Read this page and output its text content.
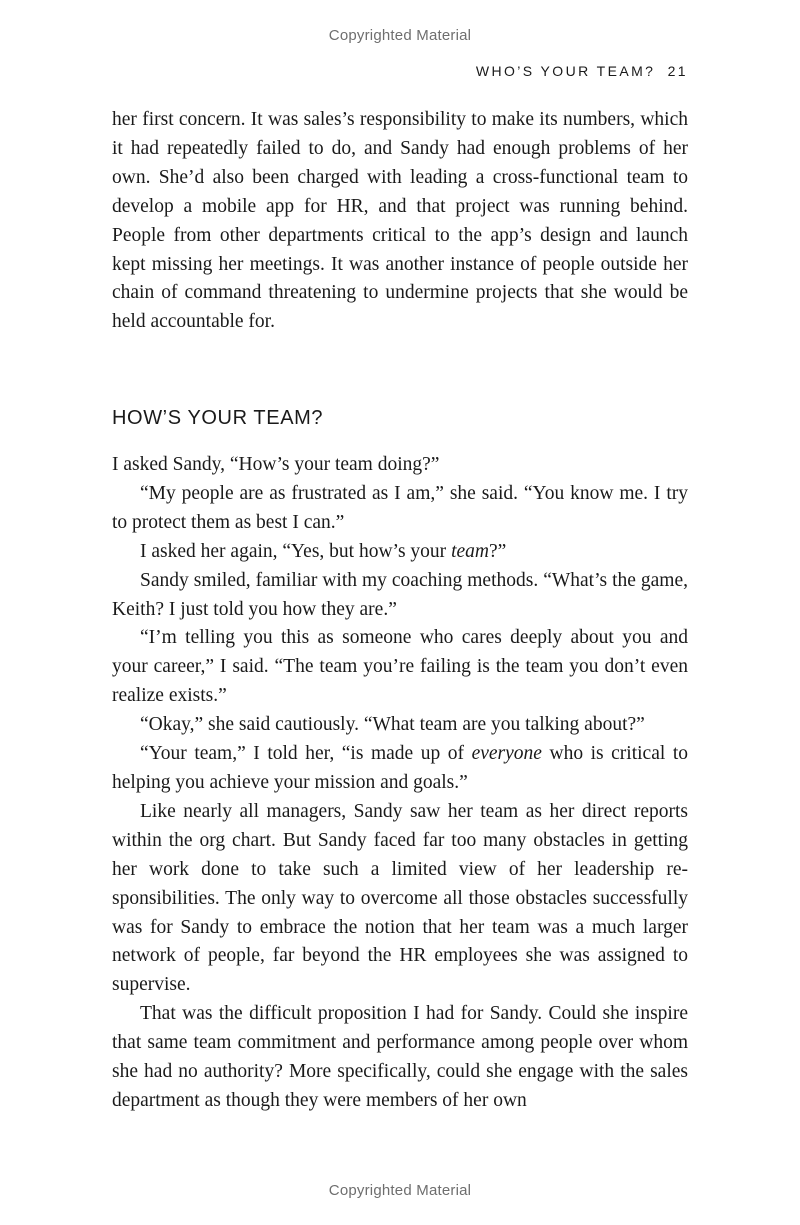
Copyrighted Material
WHO’S YOUR TEAM? 21

her first concern. It was sales’s responsibility to make its numbers, which it had repeatedly failed to do, and Sandy had enough problems of her own. She’d also been charged with leading a cross-functional team to develop a mobile app for HR, and that project was running behind. People from other departments critical to the app’s design and launch kept missing her meetings. It was another instance of people outside her chain of command threatening to undermine projects that she would be held accountable for.

HOW’S YOUR TEAM?

I asked Sandy, “How’s your team doing?”

“My people are as frustrated as I am,” she said. “You know me. I try to protect them as best I can.”

I asked her again, “Yes, but how’s your team?”

Sandy smiled, familiar with my coaching methods. “What’s the game, Keith? I just told you how they are.”

“I’m telling you this as someone who cares deeply about you and your career,” I said. “The team you’re failing is the team you don’t even realize exists.”

“Okay,” she said cautiously. “What team are you talking about?”

“Your team,” I told her, “is made up of everyone who is critical to helping you achieve your mission and goals.”

Like nearly all managers, Sandy saw her team as her direct reports within the org chart. But Sandy faced far too many obstacles in getting her work done to take such a limited view of her leadership responsibilities. The only way to overcome all those obstacles successfully was for Sandy to embrace the notion that her team was a much larger network of people, far beyond the HR employees she was assigned to supervise.

That was the difficult proposition I had for Sandy. Could she inspire that same team commitment and performance among people over whom she had no authority? More specifically, could she engage with the sales department as though they were members of her own

Copyrighted Material
